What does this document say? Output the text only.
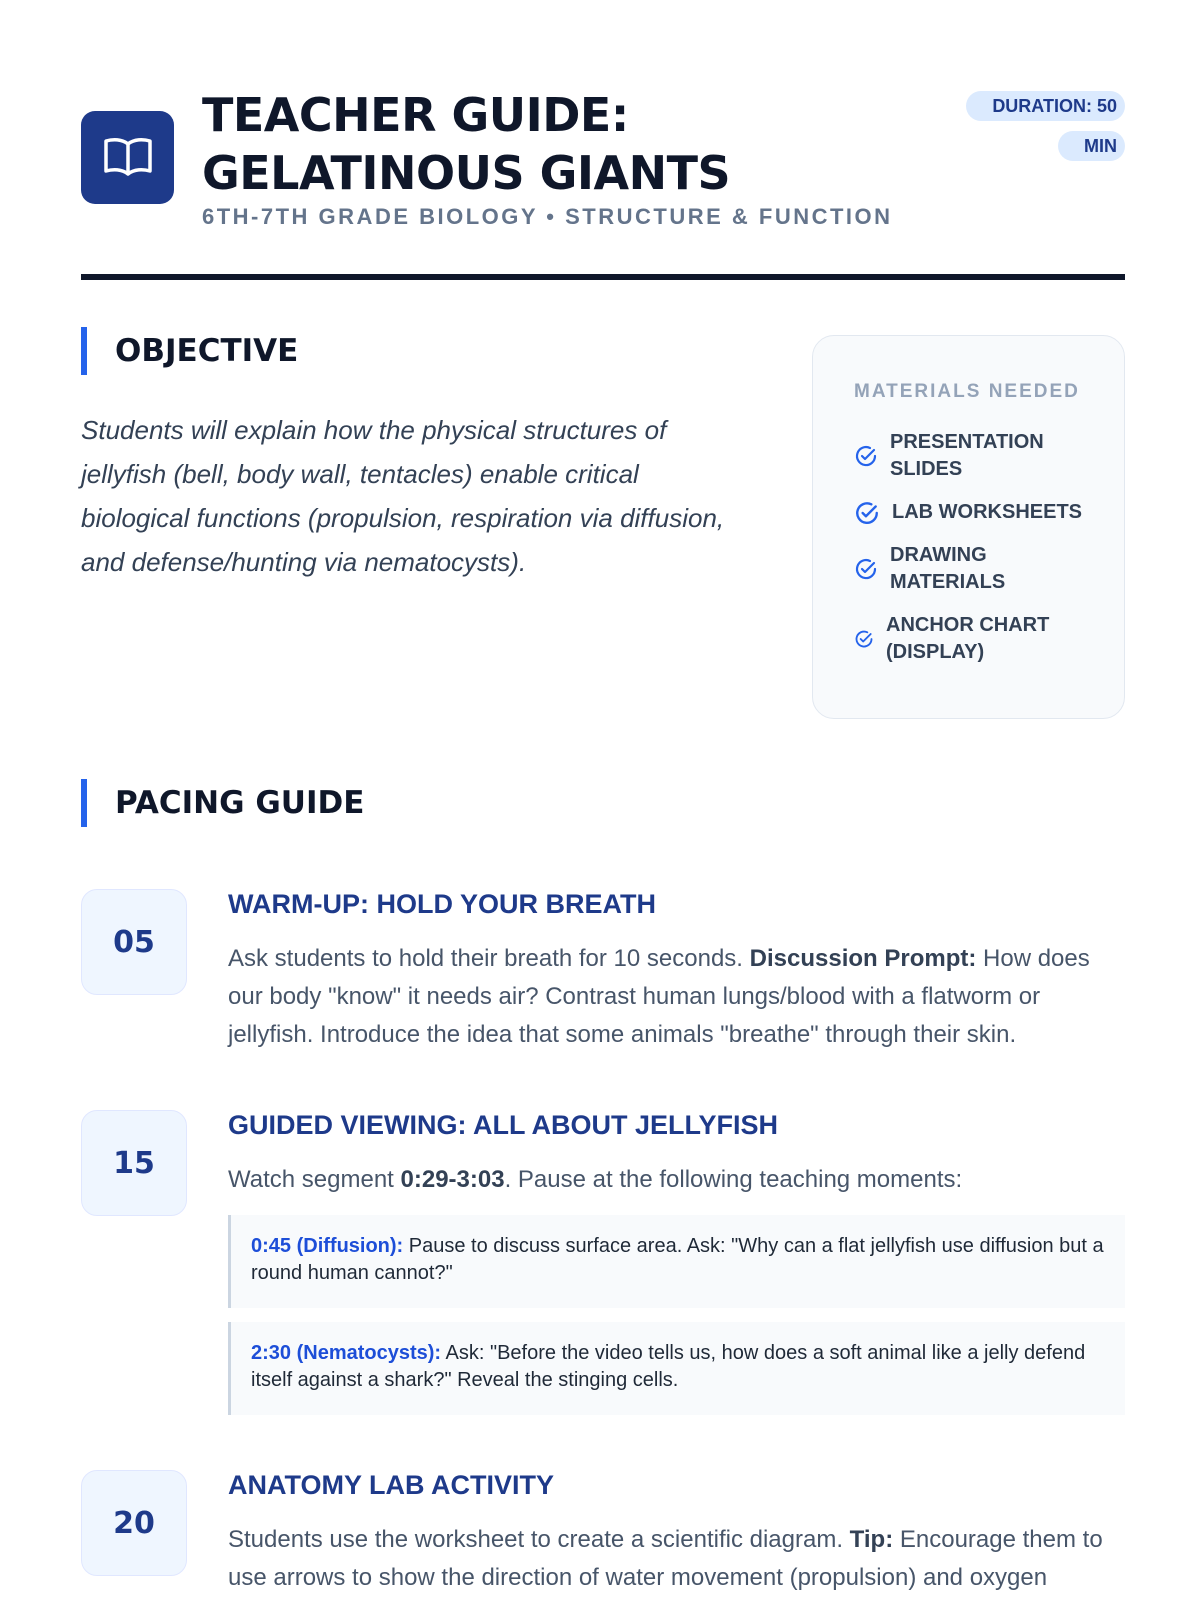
TEACHER GUIDE:
GELATINOUS GIANTS

6TH-7TH GRADE BIOLOGY • STRUCTURE & FUNCTION

DURATION: 50 MIN
OBJECTIVE

Students will explain how the physical structures of jellyfish (bell, body wall, tentacles) enable critical biological functions (propulsion, respiration via diffusion, and defense/hunting via nematocysts).

MATERIALS NEEDED

PRESENTATION SLIDES
LAB WORKSHEETS
DRAWING MATERIALS
ANCHOR CHART (DISPLAY)
PACING GUIDE
05
WARM-UP: HOLD YOUR BREATH

Ask students to hold their breath for 10 seconds. Discussion Prompt: How does our body "know" it needs air? Contrast human lungs/blood with a flatworm or jellyfish. Introduce the idea that some animals "breathe" through their skin.

15
GUIDED VIEWING: ALL ABOUT JELLYFISH

Watch segment 0:29-3:03. Pause at the following teaching moments:

0:45 (Diffusion): Pause to discuss surface area. Ask: "Why can a flat jellyfish use diffusion but a round human cannot?"
2:30 (Nematocysts): Ask: "Before the video tells us, how does a soft animal like a jelly defend itself against a shark?" Reveal the stinging cells.
20
ANATOMY LAB ACTIVITY

Students use the worksheet to create a scientific diagram. Tip: Encourage them to use arrows to show the direction of water movement (propulsion) and oxygen
